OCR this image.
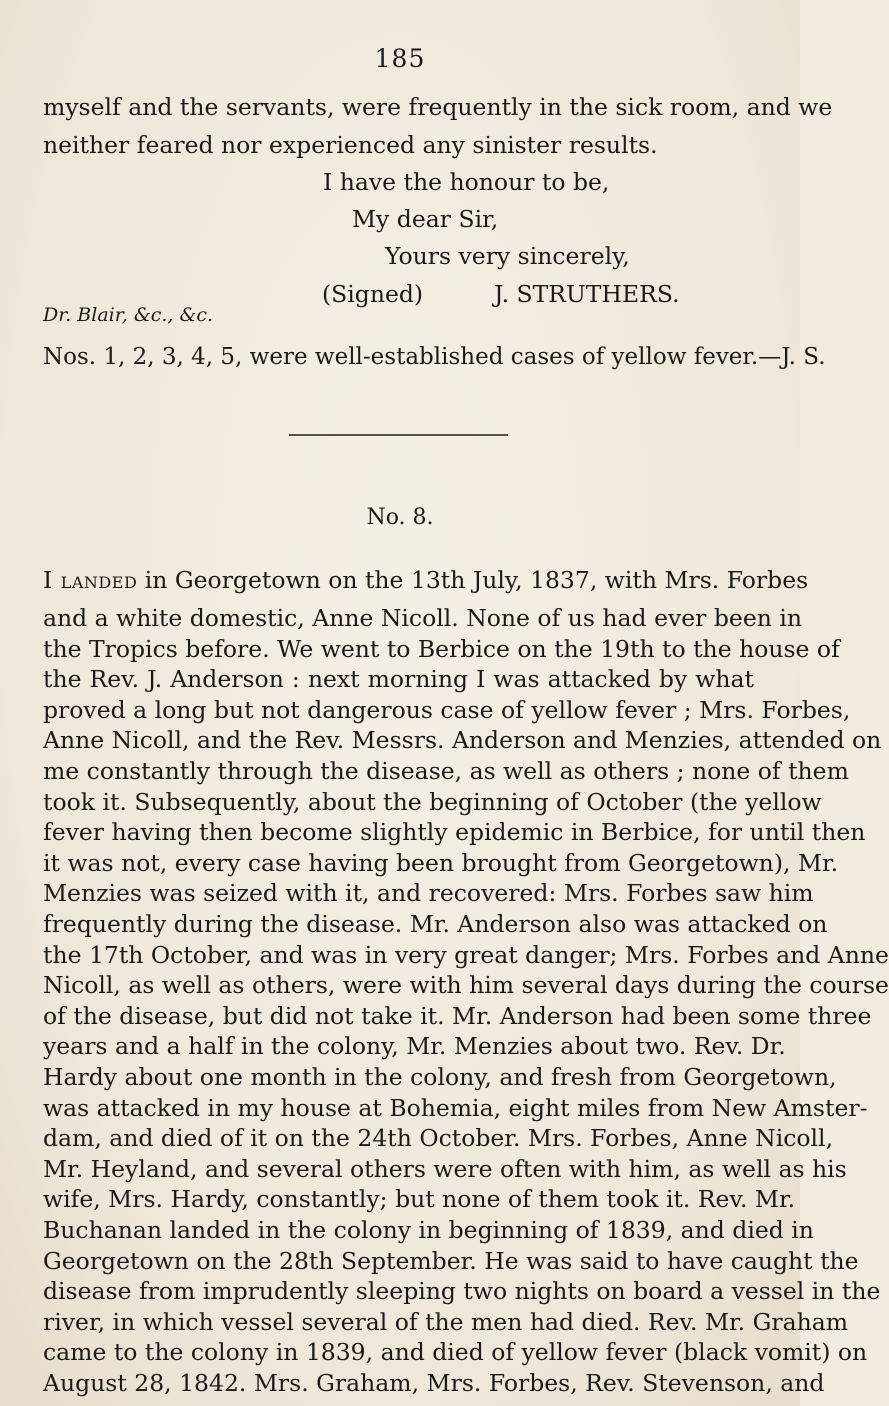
185
myself and the servants, were frequently in the sick room, and we
neither feared nor experienced any sinister results.
I have the honour to be,
My dear Sir,
Yours very sincerely,
(Signed)	J. STRUTHERS.
Dr. Blair, &c., &c.
Nos. 1, 2, 3, 4, 5, were well-established cases of yellow fever.—J. S.
No. 8.
I landed in Georgetown on the 13th July, 1837, with Mrs. Forbes
and a white domestic, Anne Nicoll. None of us had ever been in
the Tropics before. We went to Berbice on the 19th to the house of
the Rev. J. Anderson : next morning I was attacked by what
proved a long but not dangerous case of yellow fever ; Mrs. Forbes,
Anne Nicoll, and the Rev. Messrs. Anderson and Menzies, attended on
me constantly through the disease, as well as others ; none of them
took it. Subsequently, about the beginning of October (the yellow
fever having then become slightly epidemic in Berbice, for until then
it was not, every case having been brought from Georgetown), Mr.
Menzies was seized with it, and recovered: Mrs. Forbes saw him
frequently during the disease. Mr. Anderson also was attacked on
the 17th October, and was in very great danger; Mrs. Forbes and Anne
Nicoll, as well as others, were with him several days during the course
of the disease, but did not take it. Mr. Anderson had been some three
years and a half in the colony, Mr. Menzies about two. Rev. Dr.
Hardy about one month in the colony, and fresh from Georgetown,
was attacked in my house at Bohemia, eight miles from New Amster-
dam, and died of it on the 24th October. Mrs. Forbes, Anne Nicoll,
Mr. Heyland, and several others were often with him, as well as his
wife, Mrs. Hardy, constantly; but none of them took it. Rev. Mr.
Buchanan landed in the colony in beginning of 1839, and died in
Georgetown on the 28th September. He was said to have caught the
disease from imprudently sleeping two nights on board a vessel in the
river, in which vessel several of the men had died. Rev. Mr. Graham
came to the colony in 1839, and died of yellow fever (black vomit) on
August 28, 1842. Mrs. Graham, Mrs. Forbes, Rev. Stevenson, and
